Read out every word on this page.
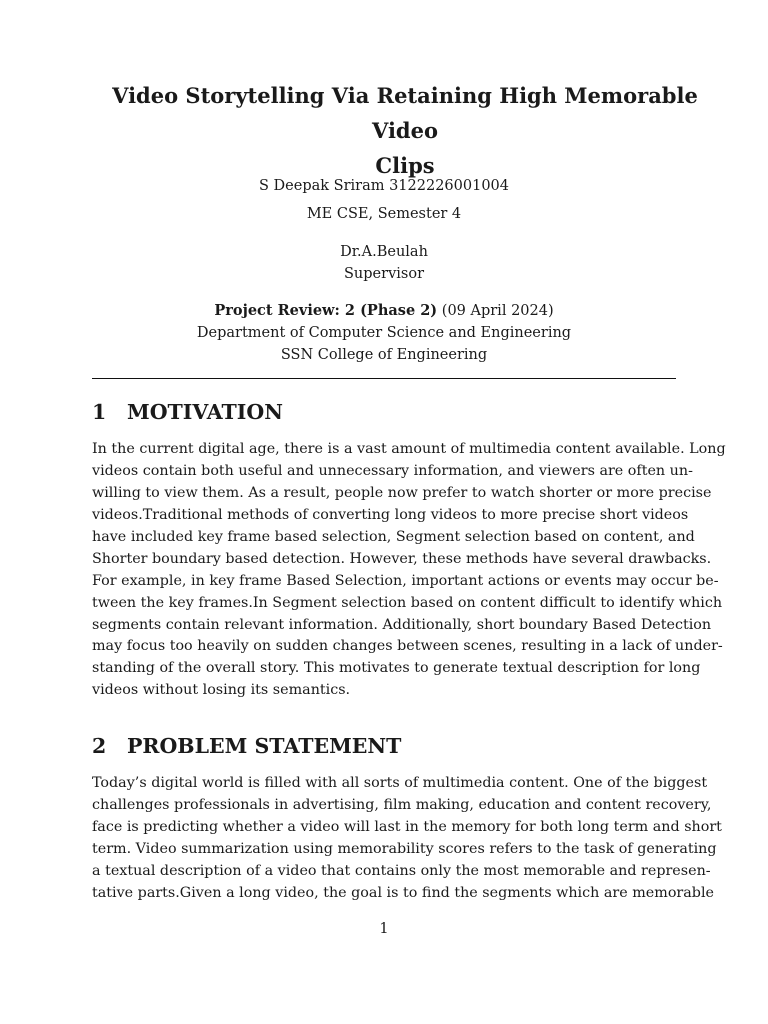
Video Storytelling Via Retaining High Memorable Video
Clips
S Deepak Sriram 3122226001004
ME CSE, Semester 4
Dr.A.Beulah
Supervisor
Project Review: 2 (Phase 2) (09 April 2024)
Department of Computer Science and Engineering
SSN College of Engineering
1 MOTIVATION
In the current digital age, there is a vast amount of multimedia content available. Long
videos contain both useful and unnecessary information, and viewers are often un-
willing to view them. As a result, people now prefer to watch shorter or more precise
videos.Traditional methods of converting long videos to more precise short videos
have included key frame based selection, Segment selection based on content, and
Shorter boundary based detection. However, these methods have several drawbacks.
For example, in key frame Based Selection, important actions or events may occur be-
tween the key frames.In Segment selection based on content difficult to identify which
segments contain relevant information. Additionally, short boundary Based Detection
may focus too heavily on sudden changes between scenes, resulting in a lack of under-
standing of the overall story. This motivates to generate textual description for long
videos without losing its semantics.
2 PROBLEM STATEMENT
Today’s digital world is filled with all sorts of multimedia content. One of the biggest
challenges professionals in advertising, film making, education and content recovery,
face is predicting whether a video will last in the memory for both long term and short
term. Video summarization using memorability scores refers to the task of generating
a textual description of a video that contains only the most memorable and represen-
tative parts.Given a long video, the goal is to find the segments which are memorable
1
